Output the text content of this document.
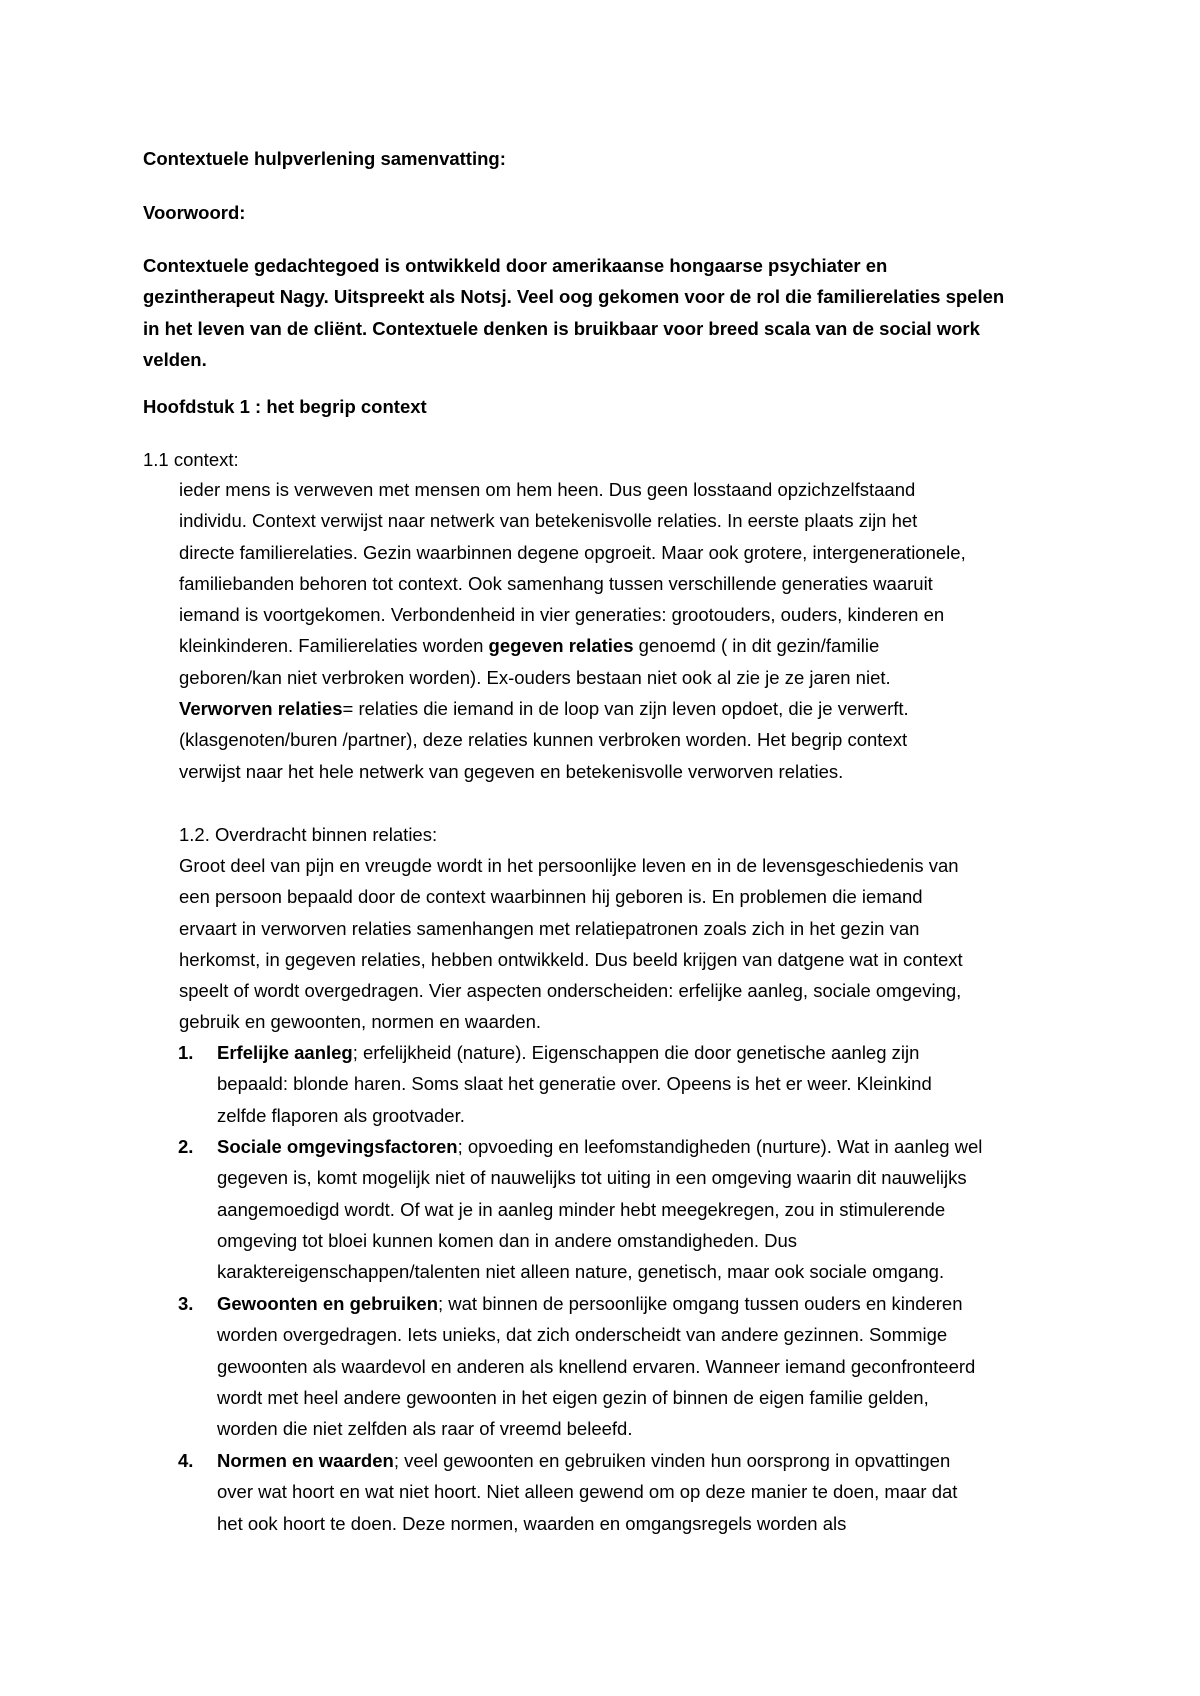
Contextuele hulpverlening samenvatting:

Voorwoord:

Contextuele gedachtegoed is ontwikkeld door amerikaanse hongaarse psychiater en
gezintherapeut Nagy. Uitspreekt als Notsj. Veel oog gekomen voor de rol die familierelaties spelen
in het leven van de cliënt. Contextuele denken is bruikbaar voor breed scala van de social work
velden.

Hoofdstuk 1 : het begrip context

1.1 context:

ieder mens is verweven met mensen om hem heen. Dus geen losstaand opzichzelfstaand
individu. Context verwijst naar netwerk van betekenisvolle relaties. In eerste plaats zijn het
directe familierelaties. Gezin waarbinnen degene opgroeit. Maar ook grotere, intergenerationele,
familiebanden behoren tot context. Ook samenhang tussen verschillende generaties waaruit
iemand is voortgekomen. Verbondenheid in vier generaties: grootouders, ouders, kinderen en
kleinkinderen. Familierelaties worden gegeven relaties genoemd ( in dit gezin/familie
geboren/kan niet verbroken worden). Ex-ouders bestaan niet ook al zie je ze jaren niet.
Verworven relaties= relaties die iemand in de loop van zijn leven opdoet, die je verwerft.
(klasgenoten/buren /partner), deze relaties kunnen verbroken worden. Het begrip context
verwijst naar het hele netwerk van gegeven en betekenisvolle verworven relaties.

1.2. Overdracht binnen relaties:

Groot deel van pijn en vreugde wordt in het persoonlijke leven en in de levensgeschiedenis van
een persoon bepaald door de context waarbinnen hij geboren is. En problemen die iemand
ervaart in verworven relaties samenhangen met relatiepatronen zoals zich in het gezin van
herkomst, in gegeven relaties, hebben ontwikkeld. Dus beeld krijgen van datgene wat in context
speelt of wordt overgedragen. Vier aspecten onderscheiden: erfelijke aanleg, sociale omgeving,
gebruik en gewoonten, normen en waarden.
1. Erfelijke aanleg; erfelijkheid (nature). Eigenschappen die door genetische aanleg zijn
bepaald: blonde haren. Soms slaat het generatie over. Opeens is het er weer. Kleinkind
zelfde flaporen als grootvader.
2. Sociale omgevingsfactoren; opvoeding en leefomstandigheden (nurture). Wat in aanleg wel
gegeven is, komt mogelijk niet of nauwelijks tot uiting in een omgeving waarin dit nauwelijks
aangemoedigd wordt. Of wat je in aanleg minder hebt meegekregen, zou in stimulerende
omgeving tot bloei kunnen komen dan in andere omstandigheden. Dus
karaktereigenschappen/talenten niet alleen nature, genetisch, maar ook sociale omgang.
3. Gewoonten en gebruiken; wat binnen de persoonlijke omgang tussen ouders en kinderen
worden overgedragen. Iets unieks, dat zich onderscheidt van andere gezinnen. Sommige
gewoonten als waardevol en anderen als knellend ervaren. Wanneer iemand geconfronteerd
wordt met heel andere gewoonten in het eigen gezin of binnen de eigen familie gelden,
worden die niet zelfden als raar of vreemd beleefd.
4. Normen en waarden; veel gewoonten en gebruiken vinden hun oorsprong in opvattingen
over wat hoort en wat niet hoort. Niet alleen gewend om op deze manier te doen, maar dat
het ook hoort te doen. Deze normen, waarden en omgangsregels worden als
